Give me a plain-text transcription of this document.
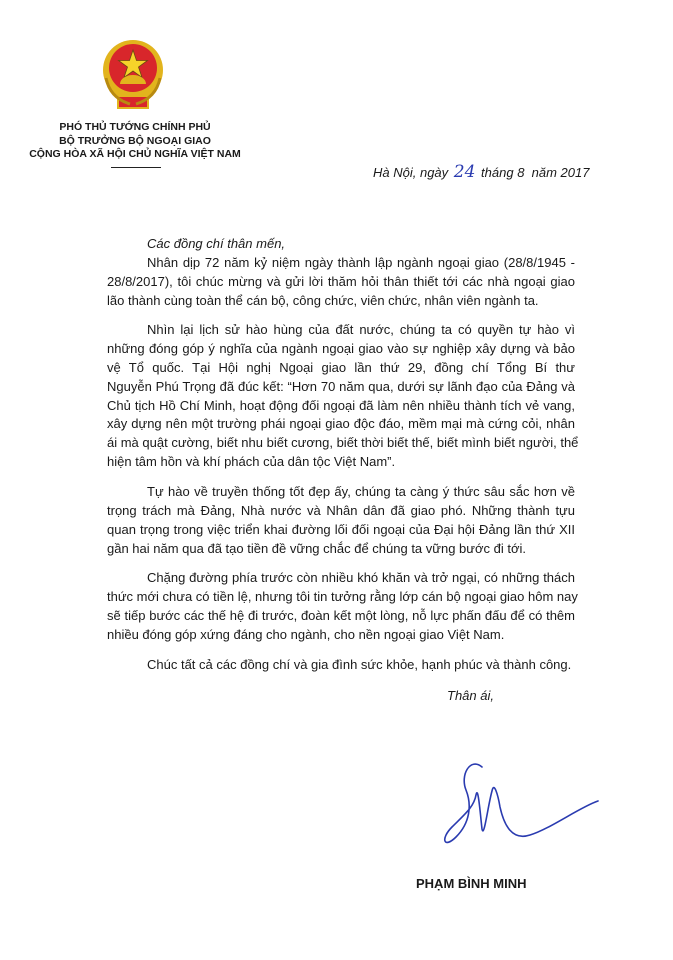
PHÓ THỦ TƯỚNG CHÍNH PHỦ
BỘ TRƯỞNG BỘ NGOẠI GIAO
CỘNG HÒA XÃ HỘI CHỦ NGHĨA VIỆT NAM
Hà Nội, ngày 24 tháng 8 năm 2017
Các đồng chí thân mến,
Nhân dịp 72 năm kỷ niệm ngày thành lập ngành ngoại giao (28/8/1945 -
28/8/2017), tôi chúc mừng và gửi lời thăm hỏi thân thiết tới các nhà ngoại giao
lão thành cùng toàn thể cán bộ, công chức, viên chức, nhân viên ngành ta.
Nhìn lại lịch sử hào hùng của đất nước, chúng ta có quyền tự hào vì
những đóng góp ý nghĩa của ngành ngoại giao vào sự nghiệp xây dựng và bảo
vệ Tổ quốc. Tại Hội nghị Ngoại giao lần thứ 29, đồng chí Tổng Bí thư
Nguyễn Phú Trọng đã đúc kết: “Hơn 70 năm qua, dưới sự lãnh đạo của Đảng và
Chủ tịch Hồ Chí Minh, hoạt động đối ngoại đã làm nên nhiều thành tích vẻ vang,
xây dựng nên một trường phái ngoại giao độc đáo, mềm mại mà cứng cỏi, nhân
ái mà quật cường, biết nhu biết cương, biết thời biết thế, biết mình biết người, thể
hiện tâm hồn và khí phách của dân tộc Việt Nam”.
Tự hào về truyền thống tốt đẹp ấy, chúng ta càng ý thức sâu sắc hơn về
trọng trách mà Đảng, Nhà nước và Nhân dân đã giao phó. Những thành tựu
quan trọng trong việc triển khai đường lối đối ngoại của Đại hội Đảng lần thứ XII
gần hai năm qua đã tạo tiền đề vững chắc để chúng ta vững bước đi tới.
Chặng đường phía trước còn nhiều khó khăn và trở ngại, có những thách
thức mới chưa có tiền lệ, nhưng tôi tin tưởng rằng lớp cán bộ ngoại giao hôm nay
sẽ tiếp bước các thế hệ đi trước, đoàn kết một lòng, nỗ lực phấn đấu để có thêm
nhiều đóng góp xứng đáng cho ngành, cho nền ngoại giao Việt Nam.
Chúc tất cả các đồng chí và gia đình sức khỏe, hạnh phúc và thành công.
Thân ái,
PHẠM BÌNH MINH
